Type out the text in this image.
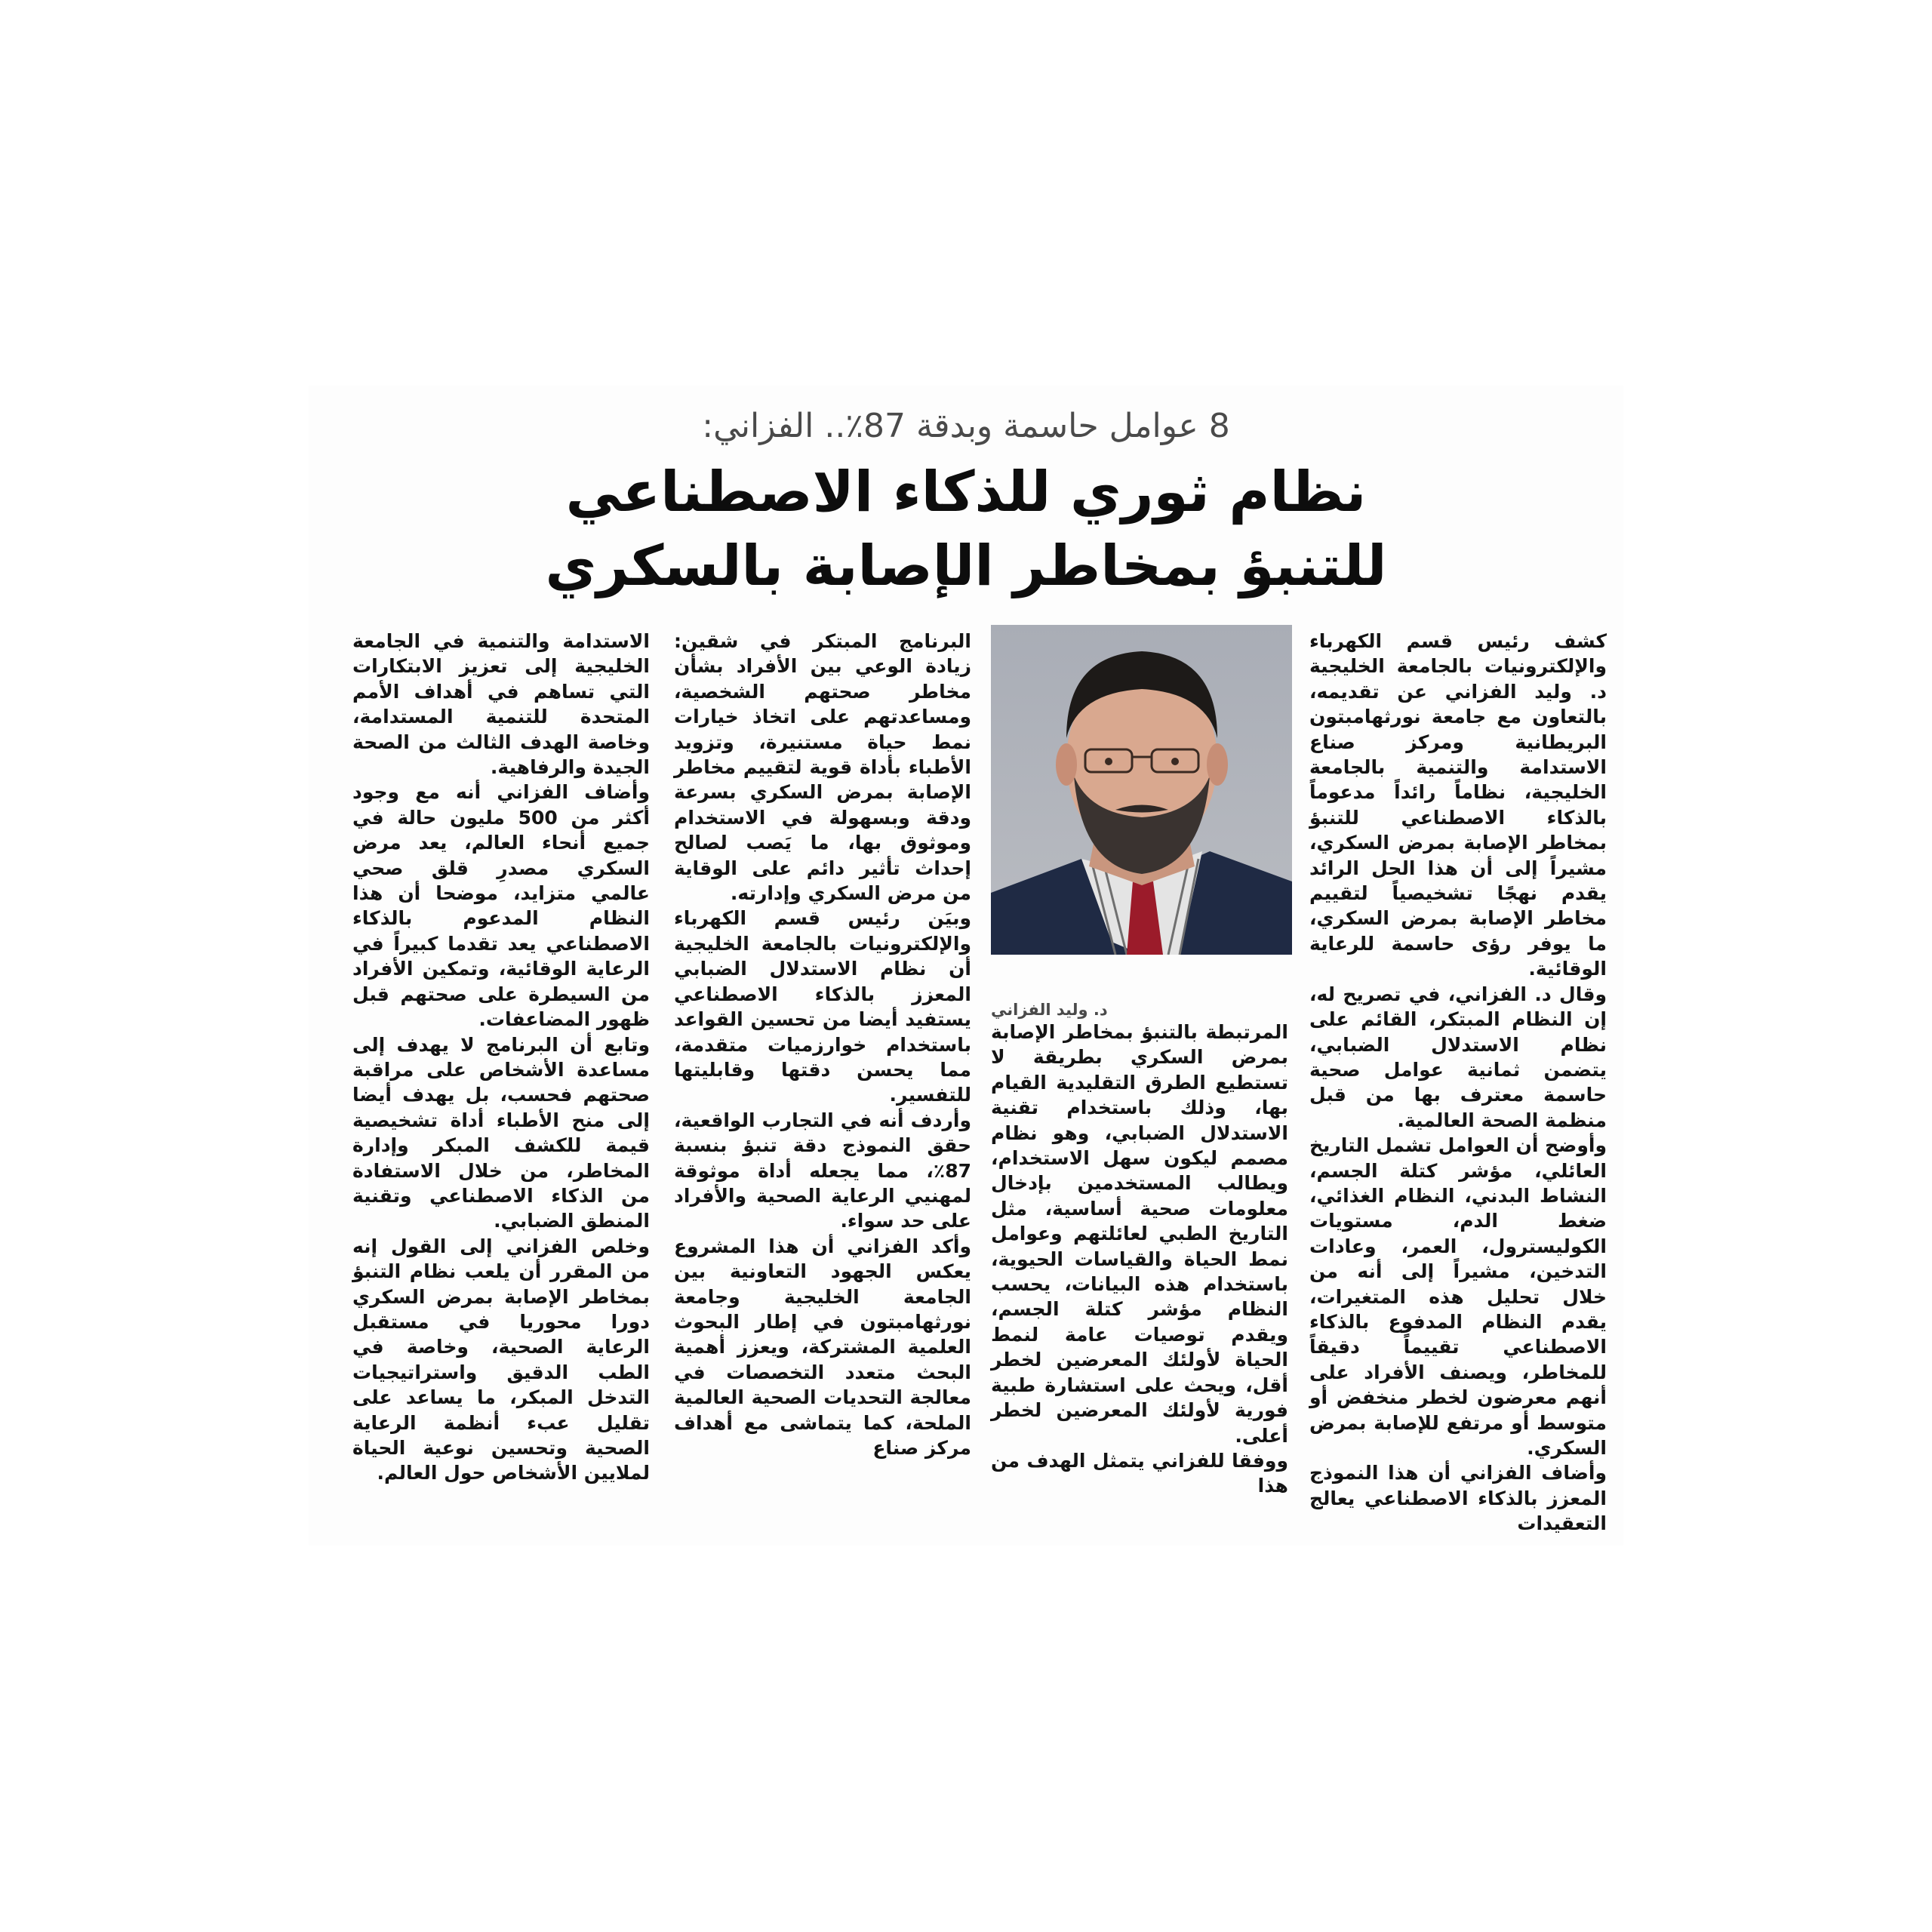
8 عوامل حاسمة وبدقة 87٪.. الفزاني:
نظام ثوري للذكاء الاصطناعي
للتنبؤ بمخاطر الإصابة بالسكري

كشف رئيس قسم الكهرباء والإلكترونيات بالجامعة الخليجية د. وليد الفزاني عن تقديمه، بالتعاون مع جامعة نورثهامبتون البريطانية ومركز صناع الاستدامة والتنمية بالجامعة الخليجية، نظاماً رائداً مدعوماً بالذكاء الاصطناعي للتنبؤ بمخاطر الإصابة بمرض السكري، مشيراً إلى أن هذا الحل الرائد يقدم نهجًا تشخيصياً لتقييم مخاطر الإصابة بمرض السكري، ما يوفر رؤى حاسمة للرعاية الوقائية.

وقال د. الفزاني، في تصريح له، إن النظام المبتكر، القائم على نظام الاستدلال الضبابي، يتضمن ثمانية عوامل صحية حاسمة معترف بها من قبل منظمة الصحة العالمية.

وأوضح أن العوامل تشمل التاريخ العائلي، مؤشر كتلة الجسم، النشاط البدني، النظام الغذائي، ضغط الدم، مستويات الكوليسترول، العمر، وعادات التدخين، مشيراً إلى أنه من خلال تحليل هذه المتغيرات، يقدم النظام المدفوع بالذكاء الاصطناعي تقييماً دقيقاً للمخاطر، ويصنف الأفراد على أنهم معرضون لخطر منخفض أو متوسط أو مرتفع للإصابة بمرض السكري.

وأضاف الفزاني أن هذا النموذج المعزز بالذكاء الاصطناعي يعالج التعقيدات

د. وليد الفزاني

المرتبطة بالتنبؤ بمخاطر الإصابة بمرض السكري بطريقة لا تستطيع الطرق التقليدية القيام بها، وذلك باستخدام تقنية الاستدلال الضبابي، وهو نظام مصمم ليكون سهل الاستخدام، ويطالب المستخدمين بإدخال معلومات صحية أساسية، مثل التاريخ الطبي لعائلتهم وعوامل نمط الحياة والقياسات الحيوية، باستخدام هذه البيانات، يحسب النظام مؤشر كتلة الجسم، ويقدم توصيات عامة لنمط الحياة لأولئك المعرضين لخطر أقل، ويحث على استشارة طبية فورية لأولئك المعرضين لخطر أعلى.

ووفقا للفزاني يتمثل الهدف من هذا

البرنامج المبتكر في شقين: زيادة الوعي بين الأفراد بشأن مخاطر صحتهم الشخصية، ومساعدتهم على اتخاذ خيارات نمط حياة مستنيرة، وتزويد الأطباء بأداة قوية لتقييم مخاطر الإصابة بمرض السكري بسرعة ودقة وبسهولة في الاستخدام وموثوق بها، ما يَصب لصالح إحداث تأثير دائم على الوقاية من مرض السكري وإدارته.

وبيَن رئيس قسم الكهرباء والإلكترونيات بالجامعة الخليجية أن نظام الاستدلال الضبابي المعزز بالذكاء الاصطناعي يستفيد أيضا من تحسين القواعد باستخدام خوارزميات متقدمة، مما يحسن دقتها وقابليتها للتفسير.

وأردف أنه في التجارب الواقعية، حقق النموذج دقة تنبؤ بنسبة 87٪، مما يجعله أداة موثوقة لمهنيي الرعاية الصحية والأفراد على حد سواء.

وأكد الفزاني أن هذا المشروع يعكس الجهود التعاونية بين الجامعة الخليجية وجامعة نورثهامبتون في إطار البحوث العلمية المشتركة، ويعزز أهمية البحث متعدد التخصصات في معالجة التحديات الصحية العالمية الملحة، كما يتماشى مع أهداف مركز صناع

الاستدامة والتنمية في الجامعة الخليجية إلى تعزيز الابتكارات التي تساهم في أهداف الأمم المتحدة للتنمية المستدامة، وخاصة الهدف الثالث من الصحة الجيدة والرفاهية.

وأضاف الفزاني أنه مع وجود أكثر من 500 مليون حالة في جميع أنحاء العالم، يعد مرض السكري مصدرِ قلق صحي عالمي متزايد، موضحا أن هذا النظام المدعوم بالذكاء الاصطناعي يعد تقدما كبيراً في الرعاية الوقائية، وتمكين الأفراد من السيطرة على صحتهم قبل ظهور المضاعفات.

وتابع أن البرنامج لا يهدف إلى مساعدة الأشخاص على مراقبة صحتهم فحسب، بل يهدف أيضا إلى منح الأطباء أداة تشخيصية قيمة للكشف المبكر وإدارة المخاطر، من خلال الاستفادة من الذكاء الاصطناعي وتقنية المنطق الضبابي.

وخلص الفزاني إلى القول إنه من المقرر أن يلعب نظام التنبؤ بمخاطر الإصابة بمرض السكري دورا محوريا في مستقبل الرعاية الصحية، وخاصة في الطب الدقيق واستراتيجيات التدخل المبكر، ما يساعد على تقليل عبء أنظمة الرعاية الصحية وتحسين نوعية الحياة لملايين الأشخاص حول العالم.
